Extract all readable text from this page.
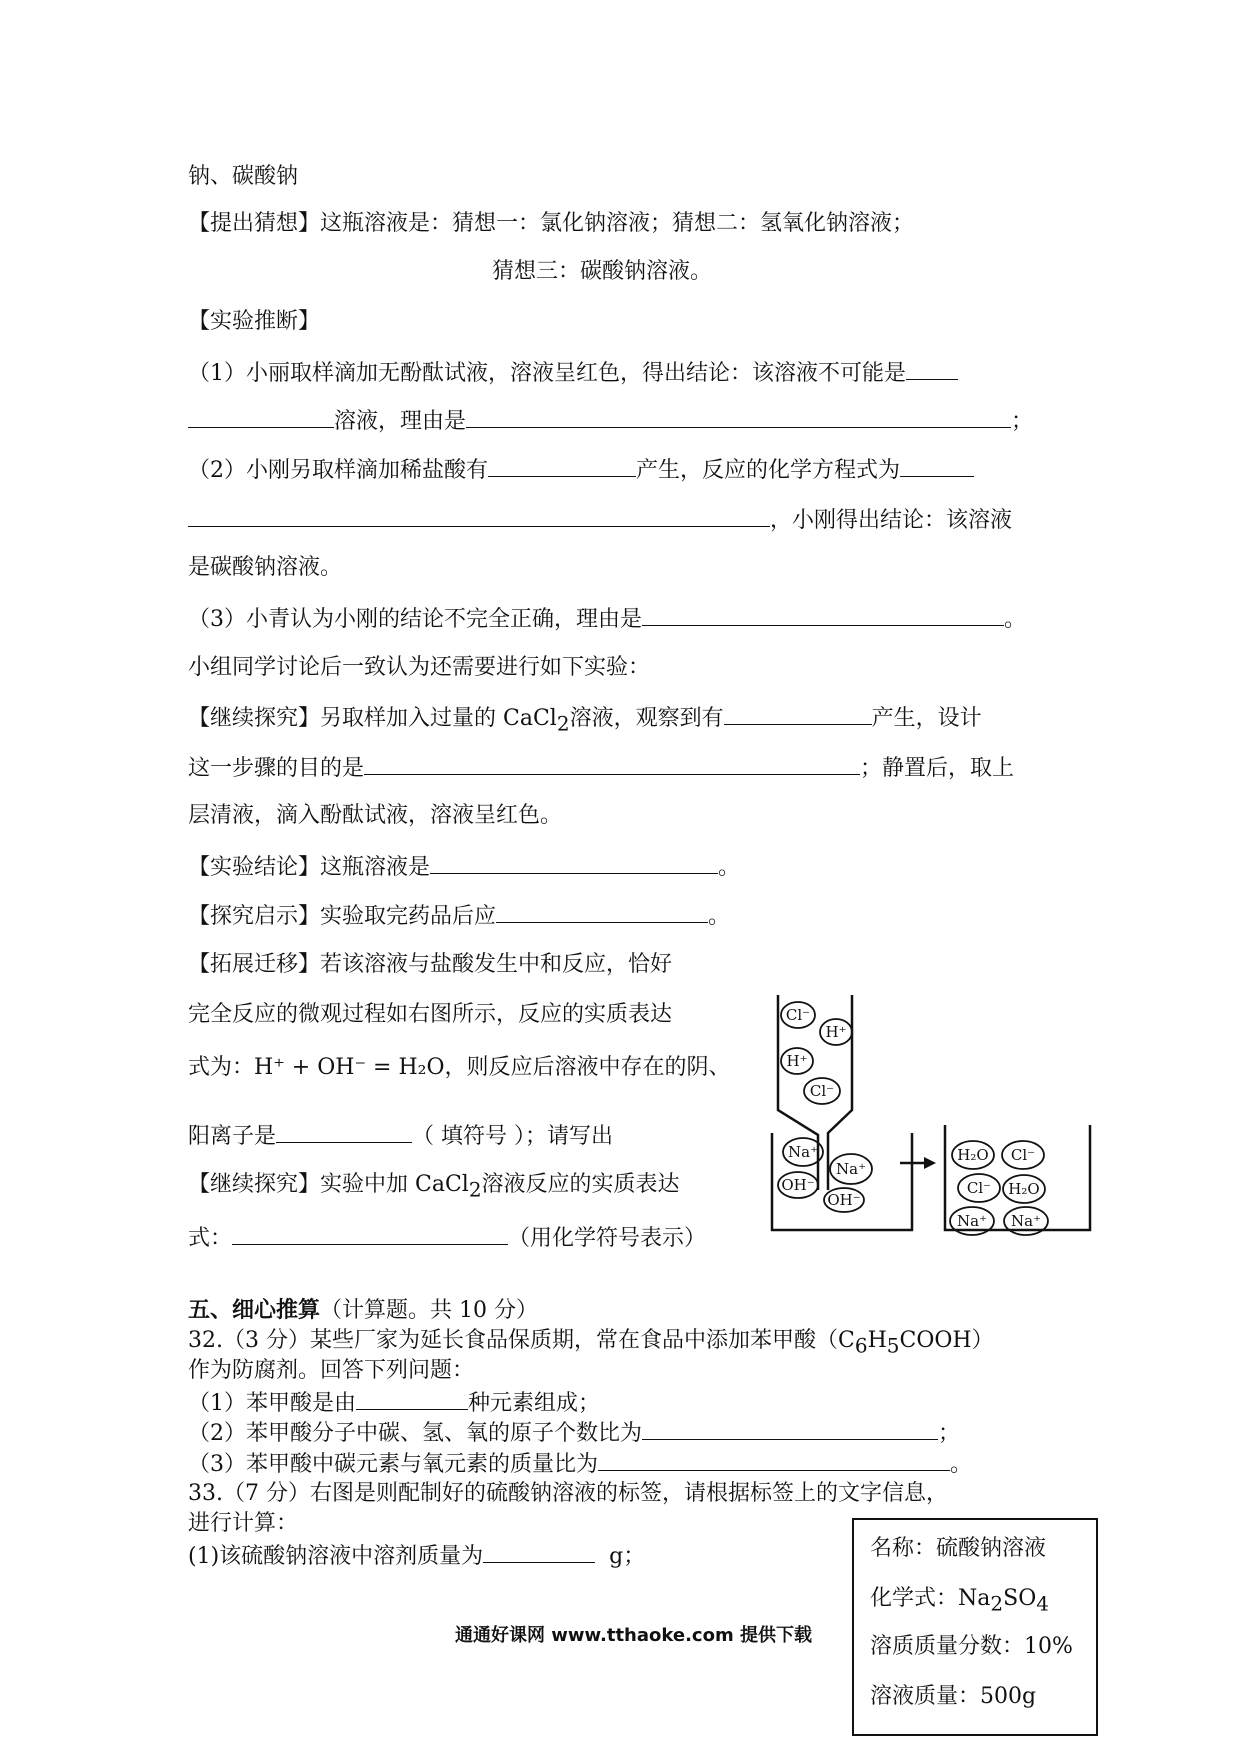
钠、碳酸钠
【提出猜想】这瓶溶液是：猜想一：氯化钠溶液；猜想二：氢氧化钠溶液；
猜想三：碳酸钠溶液。
【实验推断】
（1）小丽取样滴加无酚酞试液，溶液呈红色，得出结论：该溶液不可能是
溶液，理由是	；
（2）小刚另取样滴加稀盐酸有	产生，反应的化学方程式为
，小刚得出结论：该溶液
是碳酸钠溶液。
（3）小青认为小刚的结论不完全正确，理由是	。
小组同学讨论后一致认为还需要进行如下实验：
【继续探究】另取样加入过量的 CaCl$_2$溶液，观察到有	产生，设计
这一步骤的目的是	；静置后，取上
层清液，滴入酚酞试液，溶液呈红色。
【实验结论】这瓶溶液是	。
【探究启示】实验取完药品后应	。
【拓展迁移】若该溶液与盐酸发生中和反应，恰好
完全反应的微观过程如右图所示，反应的实质表达
式为：H⁺ + OH⁻ = H₂O，则反应后溶液中存在的阴、
阳离子是	（ 填符号 ）；请写出
【继续探究】实验中加 CaCl$_2$溶液反应的实质表达
式：	（用化学符号表示）
Cl⁻
H⁺
H⁺
Cl⁻
Na⁺
Na⁺
OH⁻
OH⁻
H₂O Cl⁻
Cl⁻ H₂O
Na⁺ Na⁺
五、细心推算（计算题。共 10 分）
32.（3 分）某些厂家为延长食品保质期，常在食品中添加苯甲酸$(C_6H_5COOH)$
作为防腐剂。回答下列问题：
（1）苯甲酸是由	种元素组成；
（2）苯甲酸分子中碳、氢、氧的原子个数比为	；
（3）苯甲酸中碳元素与氧元素的质量比为	。
33.（7 分）右图是则配制好的硫酸钠溶液的标签，请根据标签上的文字信息，
进行计算：
(1)该硫酸钠溶液中溶剂质量为	g；	名称：硫酸钠溶液
化学式：$Na_2SO_4$
溶质质量分数：10%
溶液质量：500g
通通好课网 www.tthaoke.com 提供下载
